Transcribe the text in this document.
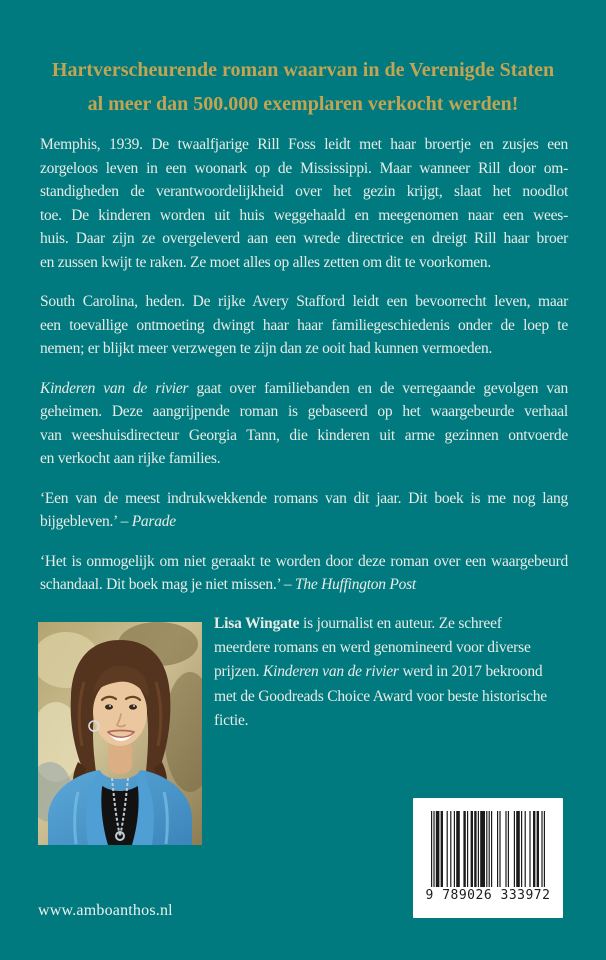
Hartverscheurende roman waarvan in de Verenigde Staten
al meer dan 500.000 exemplaren verkocht werden!
Memphis, 1939. De twaalfjarige Rill Foss leidt met haar broertje en zusjes een
zorgeloos leven in een woonark op de Mississippi. Maar wanneer Rill door om-
standigheden de verantwoordelijkheid over het gezin krijgt, slaat het noodlot
toe. De kinderen worden uit huis weggehaald en meegenomen naar een wees-
huis. Daar zijn ze overgeleverd aan een wrede directrice en dreigt Rill haar broer
en zussen kwijt te raken. Ze moet alles op alles zetten om dit te voorkomen.
South Carolina, heden. De rijke Avery Stafford leidt een bevoorrecht leven, maar
een toevallige ontmoeting dwingt haar haar familiegeschiedenis onder de loep te
nemen; er blijkt meer verzwegen te zijn dan ze ooit had kunnen vermoeden.
Kinderen van de rivier gaat over familiebanden en de verregaande gevolgen van
geheimen. Deze aangrijpende roman is gebaseerd op het waargebeurde verhaal
van weeshuisdirecteur Georgia Tann, die kinderen uit arme gezinnen ontvoerde
en verkocht aan rijke families.
‘Een van de meest indrukwekkende romans van dit jaar. Dit boek is me nog lang
bijgebleven.’ – Parade
‘Het is onmogelijk om niet geraakt te worden door deze roman over een waargebeurd
schandaal. Dit boek mag je niet missen.’ – The Huffington Post
Lisa Wingate is journalist en auteur. Ze schreef
meerdere romans en werd genomineerd voor diverse
prijzen. Kinderen van de rivier werd in 2017 bekroond
met de Goodreads Choice Award voor beste historische
fictie.
www.amboanthos.nl
9 789026 333972
